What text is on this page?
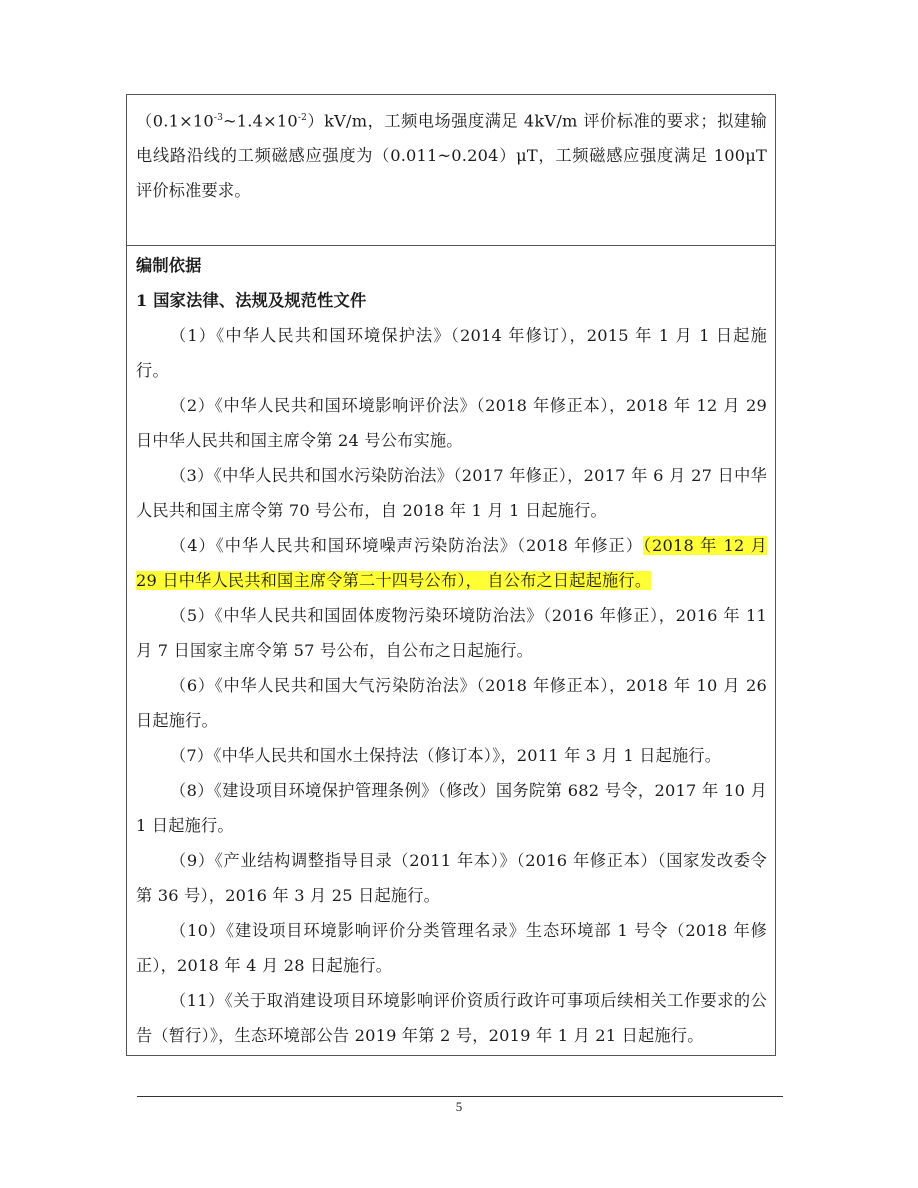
$(0.1\times 10^{-3}\sim 1.4\times 10^{-2})kV/m$，工频电场强度满足 4kV/m 评价标准的要求；拟建输电线路沿线的工频磁感应强度为（0.011~0.204）μT，工频磁感应强度满足 100μT 评价标准要求。

编制依据

1 国家法律、法规及规范性文件

（1）《中华人民共和国环境保护法》（2014 年修订），2015 年 1 月 1 日起施行。

（2）《中华人民共和国环境影响评价法》（2018 年修正本），2018 年 12 月 29 日中华人民共和国主席令第 24 号公布实施。

（3）《中华人民共和国水污染防治法》（2017 年修正），2017 年 6 月 27 日中华人民共和国主席令第 70 号公布，自 2018 年 1 月 1 日起施行。

（4）《中华人民共和国环境噪声污染防治法》（2018 年修正）（2018 年 12 月 29 日中华人民共和国主席令第二十四号公布）， 自公布之日起起施行。

（5）《中华人民共和国固体废物污染环境防治法》（2016 年修正），2016 年 11 月 7 日国家主席令第 57 号公布，自公布之日起施行。

（6）《中华人民共和国大气污染防治法》（2018 年修正本），2018 年 10 月 26 日起施行。

（7）《中华人民共和国水土保持法（修订本）》，2011 年 3 月 1 日起施行。

（8）《建设项目环境保护管理条例》（修改）国务院第 682 号令，2017 年 10 月 1 日起施行。

（9）《产业结构调整指导目录（2011 年本）》（2016 年修正本）（国家发改委令第 36 号），2016 年 3 月 25 日起施行。

（10）《建设项目环境影响评价分类管理名录》生态环境部 1 号令（2018 年修正），2018 年 4 月 28 日起施行。

（11）《关于取消建设项目环境影响评价资质行政许可事项后续相关工作要求的公告（暂行）》，生态环境部公告 2019 年第 2 号，2019 年 1 月 21 日起施行。

5
